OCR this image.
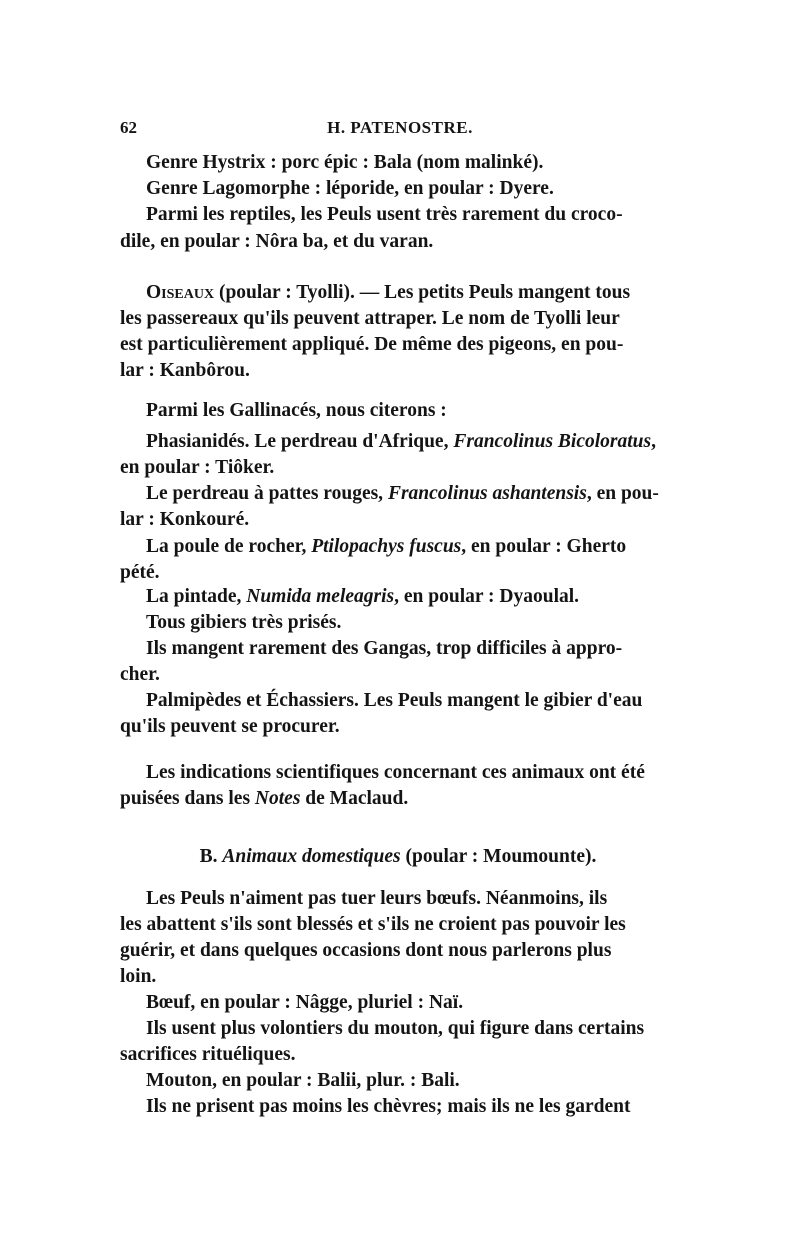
62	H. PATENOSTRE.
Genre Hystrix : porc épic : Bala (nom malinké).
Genre Lagomorphe : léporide, en poular : Dyere.
Parmi les reptiles, les Peuls usent très rarement du croco-
dile, en poular : Nôra ba, et du varan.
Oiseaux (poular : Tyolli). — Les petits Peuls mangent tous
les passereaux qu'ils peuvent attraper. Le nom de Tyolli leur
est particulièrement appliqué. De même des pigeons, en pou-
lar : Kanbôrou.
Parmi les Gallinacés, nous citerons :
Phasianidés. Le perdreau d'Afrique, Francolinus Bicoloratus,
en poular : Tiôker.
Le perdreau à pattes rouges, Francolinus ashantensis, en pou-
lar : Konkouré.
La poule de rocher, Ptilopachys fuscus, en poular : Gherto
pété.
La pintade, Numida meleagris, en poular : Dyaoulal.
Tous gibiers très prisés.
Ils mangent rarement des Gangas, trop difficiles à appro-
cher.
Palmipèdes et Échassiers. Les Peuls mangent le gibier d'eau
qu'ils peuvent se procurer.
Les indications scientifiques concernant ces animaux ont été
puisées dans les Notes de Maclaud.
B. Animaux domestiques (poular : Moumounte).
Les Peuls n'aiment pas tuer leurs bœufs. Néanmoins, ils
les abattent s'ils sont blessés et s'ils ne croient pas pouvoir les
guérir, et dans quelques occasions dont nous parlerons plus
loin.
Bœuf, en poular : Nâgge, pluriel : Naï.
Ils usent plus volontiers du mouton, qui figure dans certains
sacrifices rituéliques.
Mouton, en poular : Balii, plur. : Bali.
Ils ne prisent pas moins les chèvres; mais ils ne les gardent
